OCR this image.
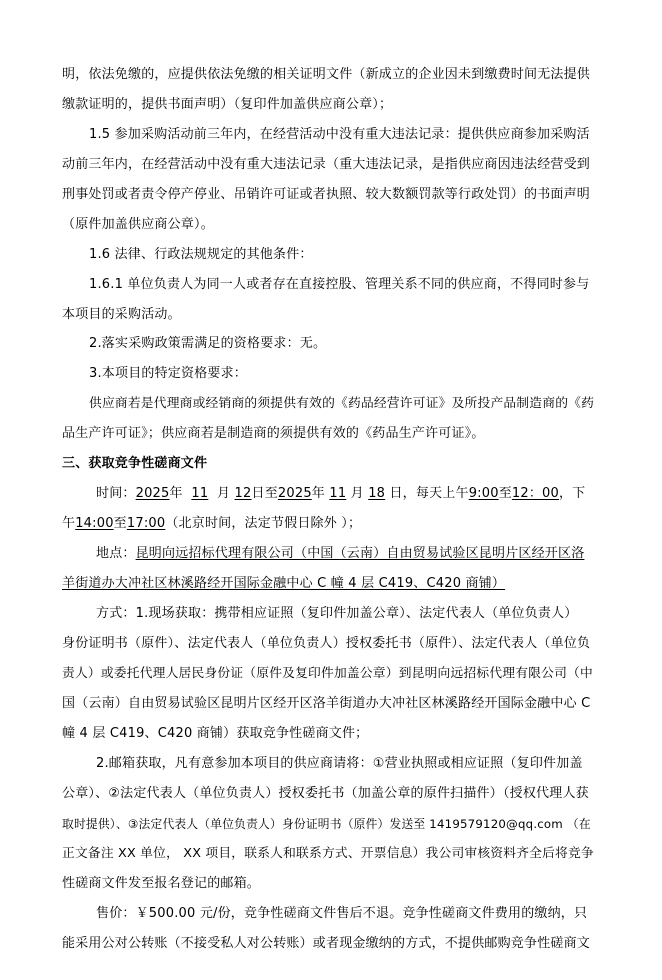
明，依法免缴的，应提供依法免缴的相关证明文件（新成立的企业因未到缴费时间无法提供
缴款证明的，提供书面声明）（复印件加盖供应商公章）；
1.5 参加采购活动前三年内，在经营活动中没有重大违法记录：提供供应商参加采购活
动前三年内，在经营活动中没有重大违法记录（重大违法记录，是指供应商因违法经营受到
刑事处罚或者责令停产停业、吊销许可证或者执照、较大数额罚款等行政处罚）的书面声明
（原件加盖供应商公章）。
1.6 法律、行政法规规定的其他条件：
1.6.1 单位负责人为同一人或者存在直接控股、管理关系不同的供应商，不得同时参与
本项目的采购活动。
2.落实采购政策需满足的资格要求：无。
3.本项目的特定资格要求：
供应商若是代理商或经销商的须提供有效的《药品经营许可证》及所投产品制造商的《药
品生产许可证》；供应商若是制造商的须提供有效的《药品生产许可证》。
三、获取竞争性磋商文件
时间：2025年 11 月 12日至2025年 11 月 18 日，每天上午9:00至12：00，下
午14:00至17:00（北京时间，法定节假日除外 ）；
地点：昆明向远招标代理有限公司（中国（云南）自由贸易试验区昆明片区经开区洛
羊街道办大冲社区林溪路经开国际金融中心 C 幢 4 层 C419、C420 商铺）
方式：1.现场获取：携带相应证照（复印件加盖公章）、法定代表人（单位负责人）
身份证明书（原件）、法定代表人（单位负责人）授权委托书（原件）、法定代表人（单位负
责人）或委托代理人居民身份证（原件及复印件加盖公章）到昆明向远招标代理有限公司（中
国（云南）自由贸易试验区昆明片区经开区洛羊街道办大冲社区林溪路经开国际金融中心 C
幢 4 层 C419、C420 商铺）获取竞争性磋商文件；
2.邮箱获取，凡有意参加本项目的供应商请将：①营业执照或相应证照（复印件加盖
公章）、②法定代表人（单位负责人）授权委托书（加盖公章的原件扫描件）（授权代理人获
取时提供）、③法定代表人（单位负责人）身份证明书（原件）发送至 1419579120@qq.com （在
正文备注 XX 单位， XX 项目，联系人和联系方式、开票信息）我公司审核资料齐全后将竞争
性磋商文件发至报名登记的邮箱。
售价：￥500.00 元/份，竞争性磋商文件售后不退。竞争性磋商文件费用的缴纳，只
能采用公对公转账（不接受私人对公转账）或者现金缴纳的方式，不提供邮购竞争性磋商文
